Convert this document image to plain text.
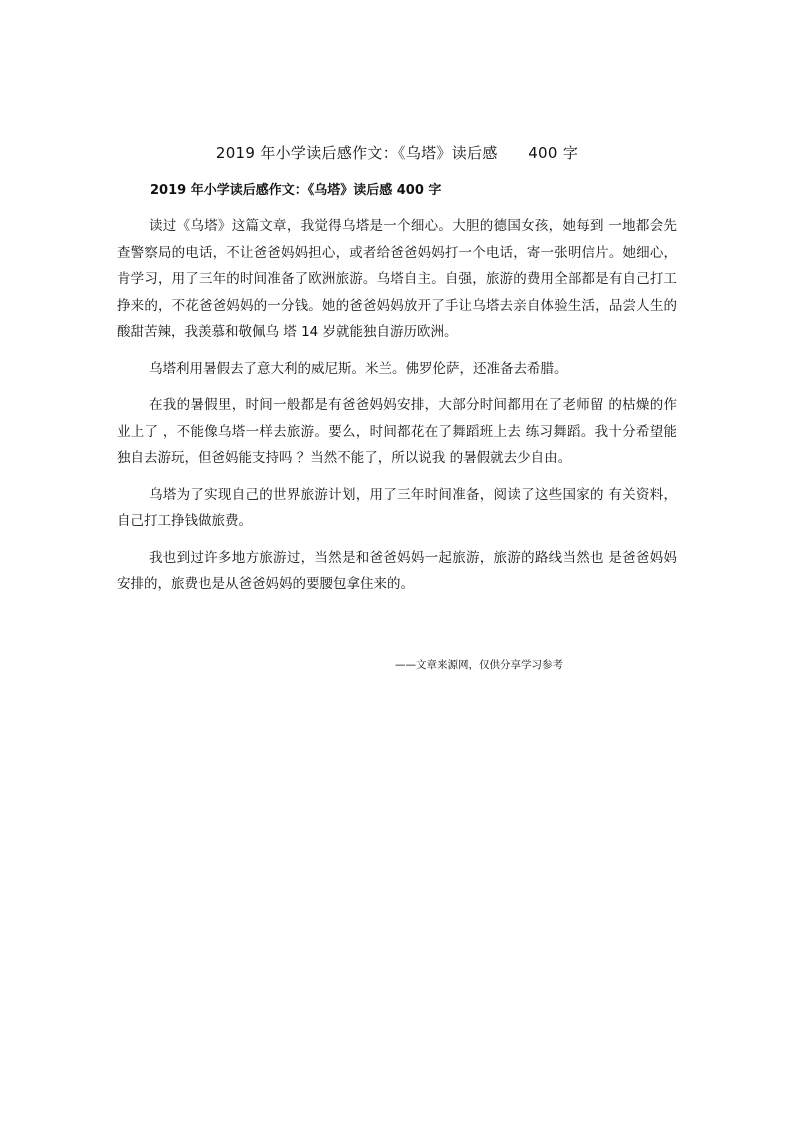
2019 年小学读后感作文：《乌塔》读后感　　400 字
2019 年小学读后感作文：《乌塔》读后感 400 字

读过《乌塔》这篇文章，我觉得乌塔是一个细心。大胆的德国女孩，她每到 一地都会先查警察局的电话，不让爸爸妈妈担心，或者给爸爸妈妈打一个电话，寄一张明信片。她细心，肯学习，用了三年的时间准备了欧洲旅游。乌塔自主。自强，旅游的费用全部都是有自己打工挣来的，不花爸爸妈妈的一分钱。她的爸爸妈妈放开了手让乌塔去亲自体验生活，品尝人生的酸甜苦辣，我羡慕和敬佩乌 塔 14 岁就能独自游历欧洲。

乌塔利用暑假去了意大利的威尼斯。米兰。佛罗伦萨，还准备去希腊。

在我的暑假里，时间一般都是有爸爸妈妈安排，大部分时间都用在了老师留 的枯燥的作业上了 ，不能像乌塔一样去旅游。要么，时间都花在了舞蹈班上去 练习舞蹈。我十分希望能独自去游玩，但爸妈能支持吗 ？当然不能了，所以说我 的暑假就去少自由。

乌塔为了实现自己的世界旅游计划，用了三年时间准备，阅读了这些国家的 有关资料，自己打工挣钱做旅费。

我也到过许多地方旅游过，当然是和爸爸妈妈一起旅游，旅游的路线当然也 是爸爸妈妈安排的，旅费也是从爸爸妈妈的要腰包拿住来的。

——文章来源网，仅供分享学习参考
